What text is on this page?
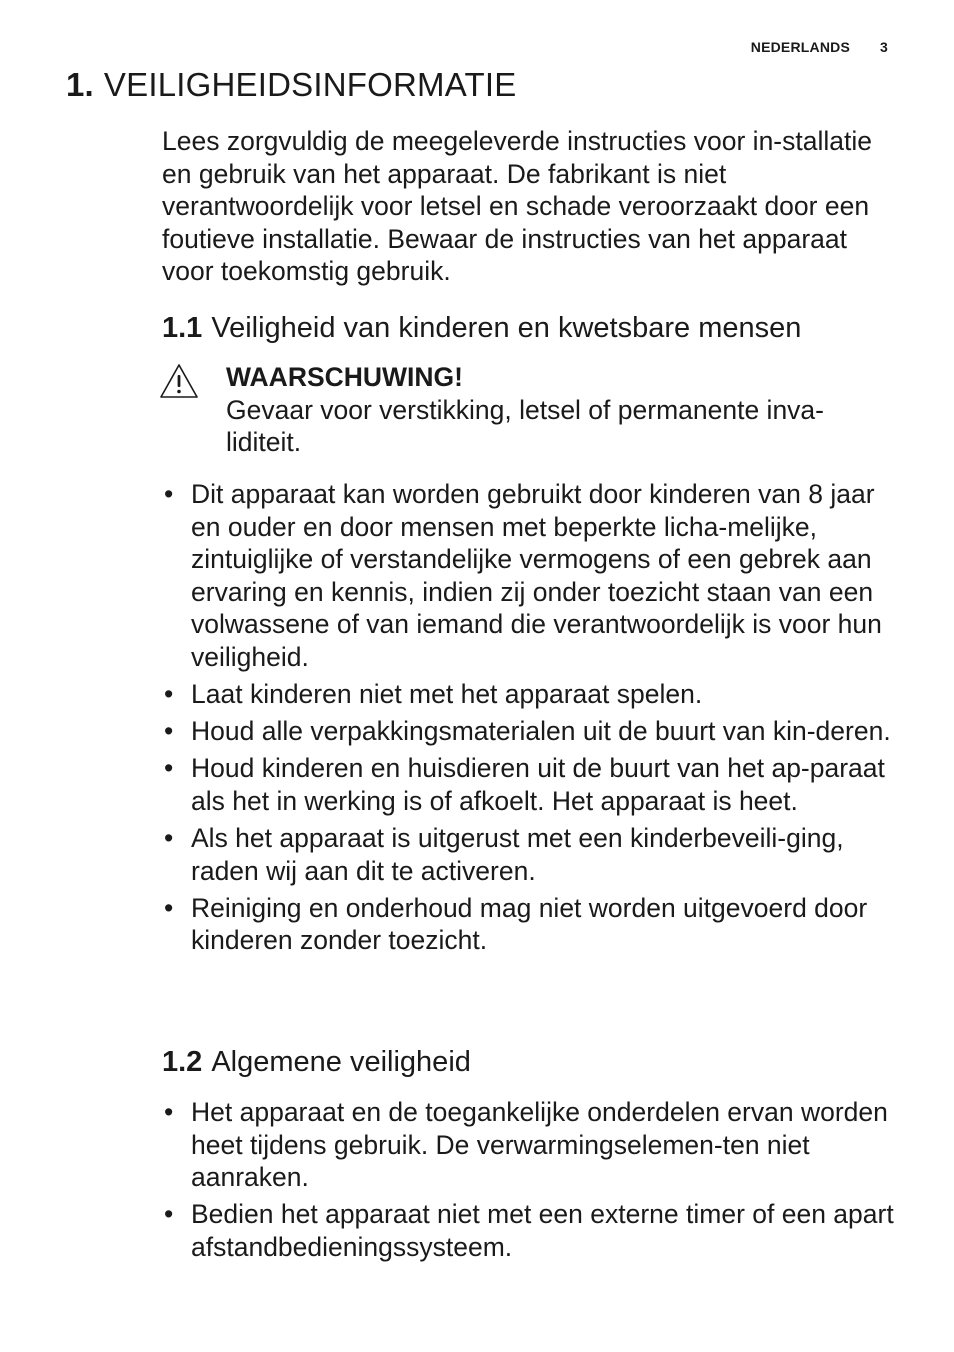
NEDERLANDS 3
1. VEILIGHEIDSINFORMATIE

Lees zorgvuldig de meegeleverde instructies voor in-stallatie en gebruik van het apparaat. De fabrikant is niet verantwoordelijk voor letsel en schade veroorzaakt door een foutieve installatie. Bewaar de instructies van het apparaat voor toekomstig gebruik.

1.1 Veiligheid van kinderen en kwetsbare mensen
WAARSCHUWING!
Gevaar voor verstikking, letsel of permanente inva-liditeit.
• Dit apparaat kan worden gebruikt door kinderen van 8 jaar en ouder en door mensen met beperkte licha-melijke, zintuiglijke of verstandelijke vermogens of een gebrek aan ervaring en kennis, indien zij onder toezicht staan van een volwassene of van iemand die verantwoordelijk is voor hun veiligheid.
• Laat kinderen niet met het apparaat spelen.
• Houd alle verpakkingsmaterialen uit de buurt van kin-deren.
• Houd kinderen en huisdieren uit de buurt van het ap-paraat als het in werking is of afkoelt. Het apparaat is heet.
• Als het apparaat is uitgerust met een kinderbeveili-ging, raden wij aan dit te activeren.
• Reiniging en onderhoud mag niet worden uitgevoerd door kinderen zonder toezicht.
1.2 Algemene veiligheid
• Het apparaat en de toegankelijke onderdelen ervan worden heet tijdens gebruik. De verwarmingselemen-ten niet aanraken.
• Bedien het apparaat niet met een externe timer of een apart afstandbedieningssysteem.
